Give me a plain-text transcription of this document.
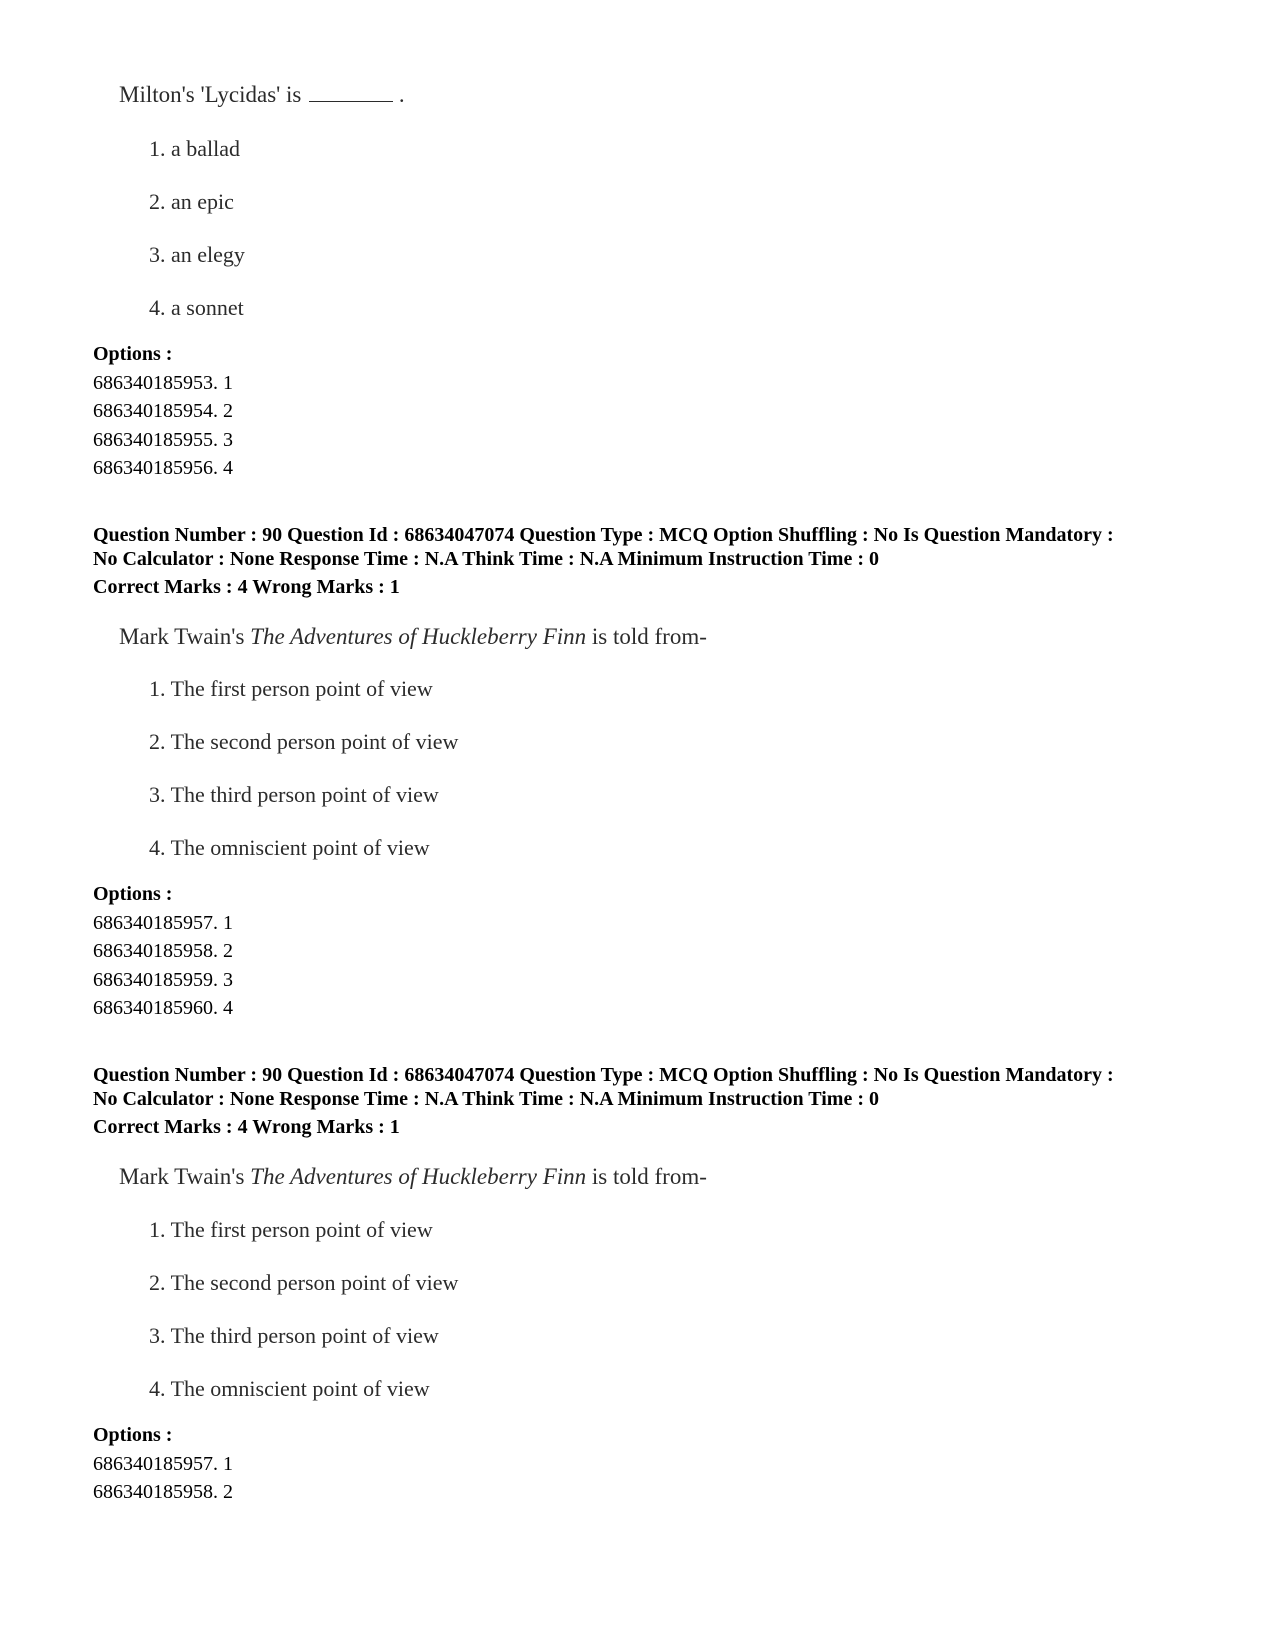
Milton's 'Lycidas' is	.
1. a ballad
2. an epic
3. an elegy
4. a sonnet
Options :
686340185953. 1
686340185954. 2
686340185955. 3
686340185956. 4
Question Number : 90 Question Id : 68634047074 Question Type : MCQ Option Shuffling : No Is Question Mandatory :
No Calculator : None Response Time : N.A Think Time : N.A Minimum Instruction Time : 0
Correct Marks : 4 Wrong Marks : 1
Mark Twain's The Adventures of Huckleberry Finn is told from-
1. The first person point of view
2. The second person point of view
3. The third person point of view
4. The omniscient point of view
Options :
686340185957. 1
686340185958. 2
686340185959. 3
686340185960. 4
Question Number : 90 Question Id : 68634047074 Question Type : MCQ Option Shuffling : No Is Question Mandatory :
No Calculator : None Response Time : N.A Think Time : N.A Minimum Instruction Time : 0
Correct Marks : 4 Wrong Marks : 1
Mark Twain's The Adventures of Huckleberry Finn is told from-
1. The first person point of view
2. The second person point of view
3. The third person point of view
4. The omniscient point of view
Options :
686340185957. 1
686340185958. 2
